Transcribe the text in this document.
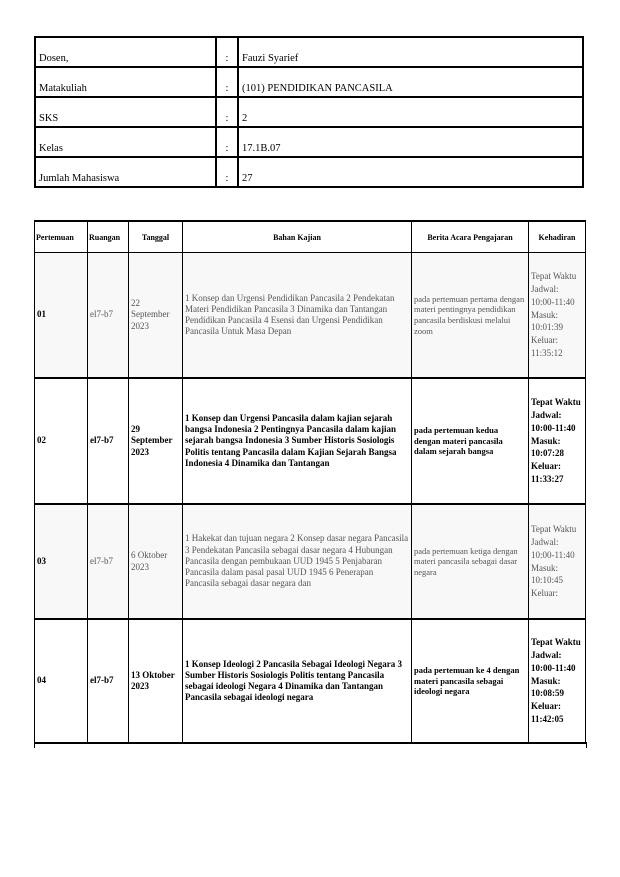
Dosen,	:	Fauzi Syarief
Matakuliah	:	(101) PENDIDIKAN PANCASILA
SKS	:	2
Kelas	:	17.1B.07
Jumlah Mahasiswa	:	27
Pertemuan	Ruangan	Tanggal	Bahan Kajian	Berita Acara Pengajaran	Kehadiran
01	el7-b7	22 September 2023	1 Konsep dan Urgensi Pendidikan Pancasila 2 Pendekatan Materi Pendidikan Pancasila 3 Dinamika dan Tantangan Pendidikan Pancasila 4 Esensi dan Urgensi Pendidikan Pancasila Untuk Masa Depan	pada pertemuan pertama dengan materi pentingnya pendidikan pancasila berdiskusi melalui zoom	Tepat Waktu Jadwal: 10:00-11:40 Masuk: 10:01:39 Keluar: 11:35:12
02	el7-b7	29 September 2023	1 Konsep dan Urgensi Pancasila dalam kajian sejarah bangsa Indonesia 2 Pentingnya Pancasila dalam kajian sejarah bangsa Indonesia 3 Sumber Historis Sosiologis Politis tentang Pancasila dalam Kajian Sejarah Bangsa Indonesia 4 Dinamika dan Tantangan	pada pertemuan kedua dengan materi pancasila dalam sejarah bangsa	Tepat Waktu Jadwal: 10:00-11:40 Masuk: 10:07:28 Keluar: 11:33:27
03	el7-b7	6 Oktober 2023	1 Hakekat dan tujuan negara 2 Konsep dasar negara Pancasila 3 Pendekatan Pancasila sebagai dasar negara 4 Hubungan Pancasila dengan pembukaan UUD 1945 5 Penjabaran Pancasila dalam pasal pasal UUD 1945 6 Penerapan Pancasila sebagai dasar negara dan	pada pertemuan ketiga dengan materi pancasila sebagai dasar negara	Tepat Waktu Jadwal: 10:00-11:40 Masuk: 10:10:45 Keluar:
04	el7-b7	13 Oktober 2023	1 Konsep Ideologi 2 Pancasila Sebagai Ideologi Negara 3 Sumber Historis Sosiologis Politis tentang Pancasila sebagai ideologi Negara 4 Dinamika dan Tantangan Pancasila sebagai ideologi negara	pada pertemuan ke 4 dengan materi pancasila sebagai ideologi negara	Tepat Waktu Jadwal: 10:00-11:40 Masuk: 10:08:59 Keluar: 11:42:05
